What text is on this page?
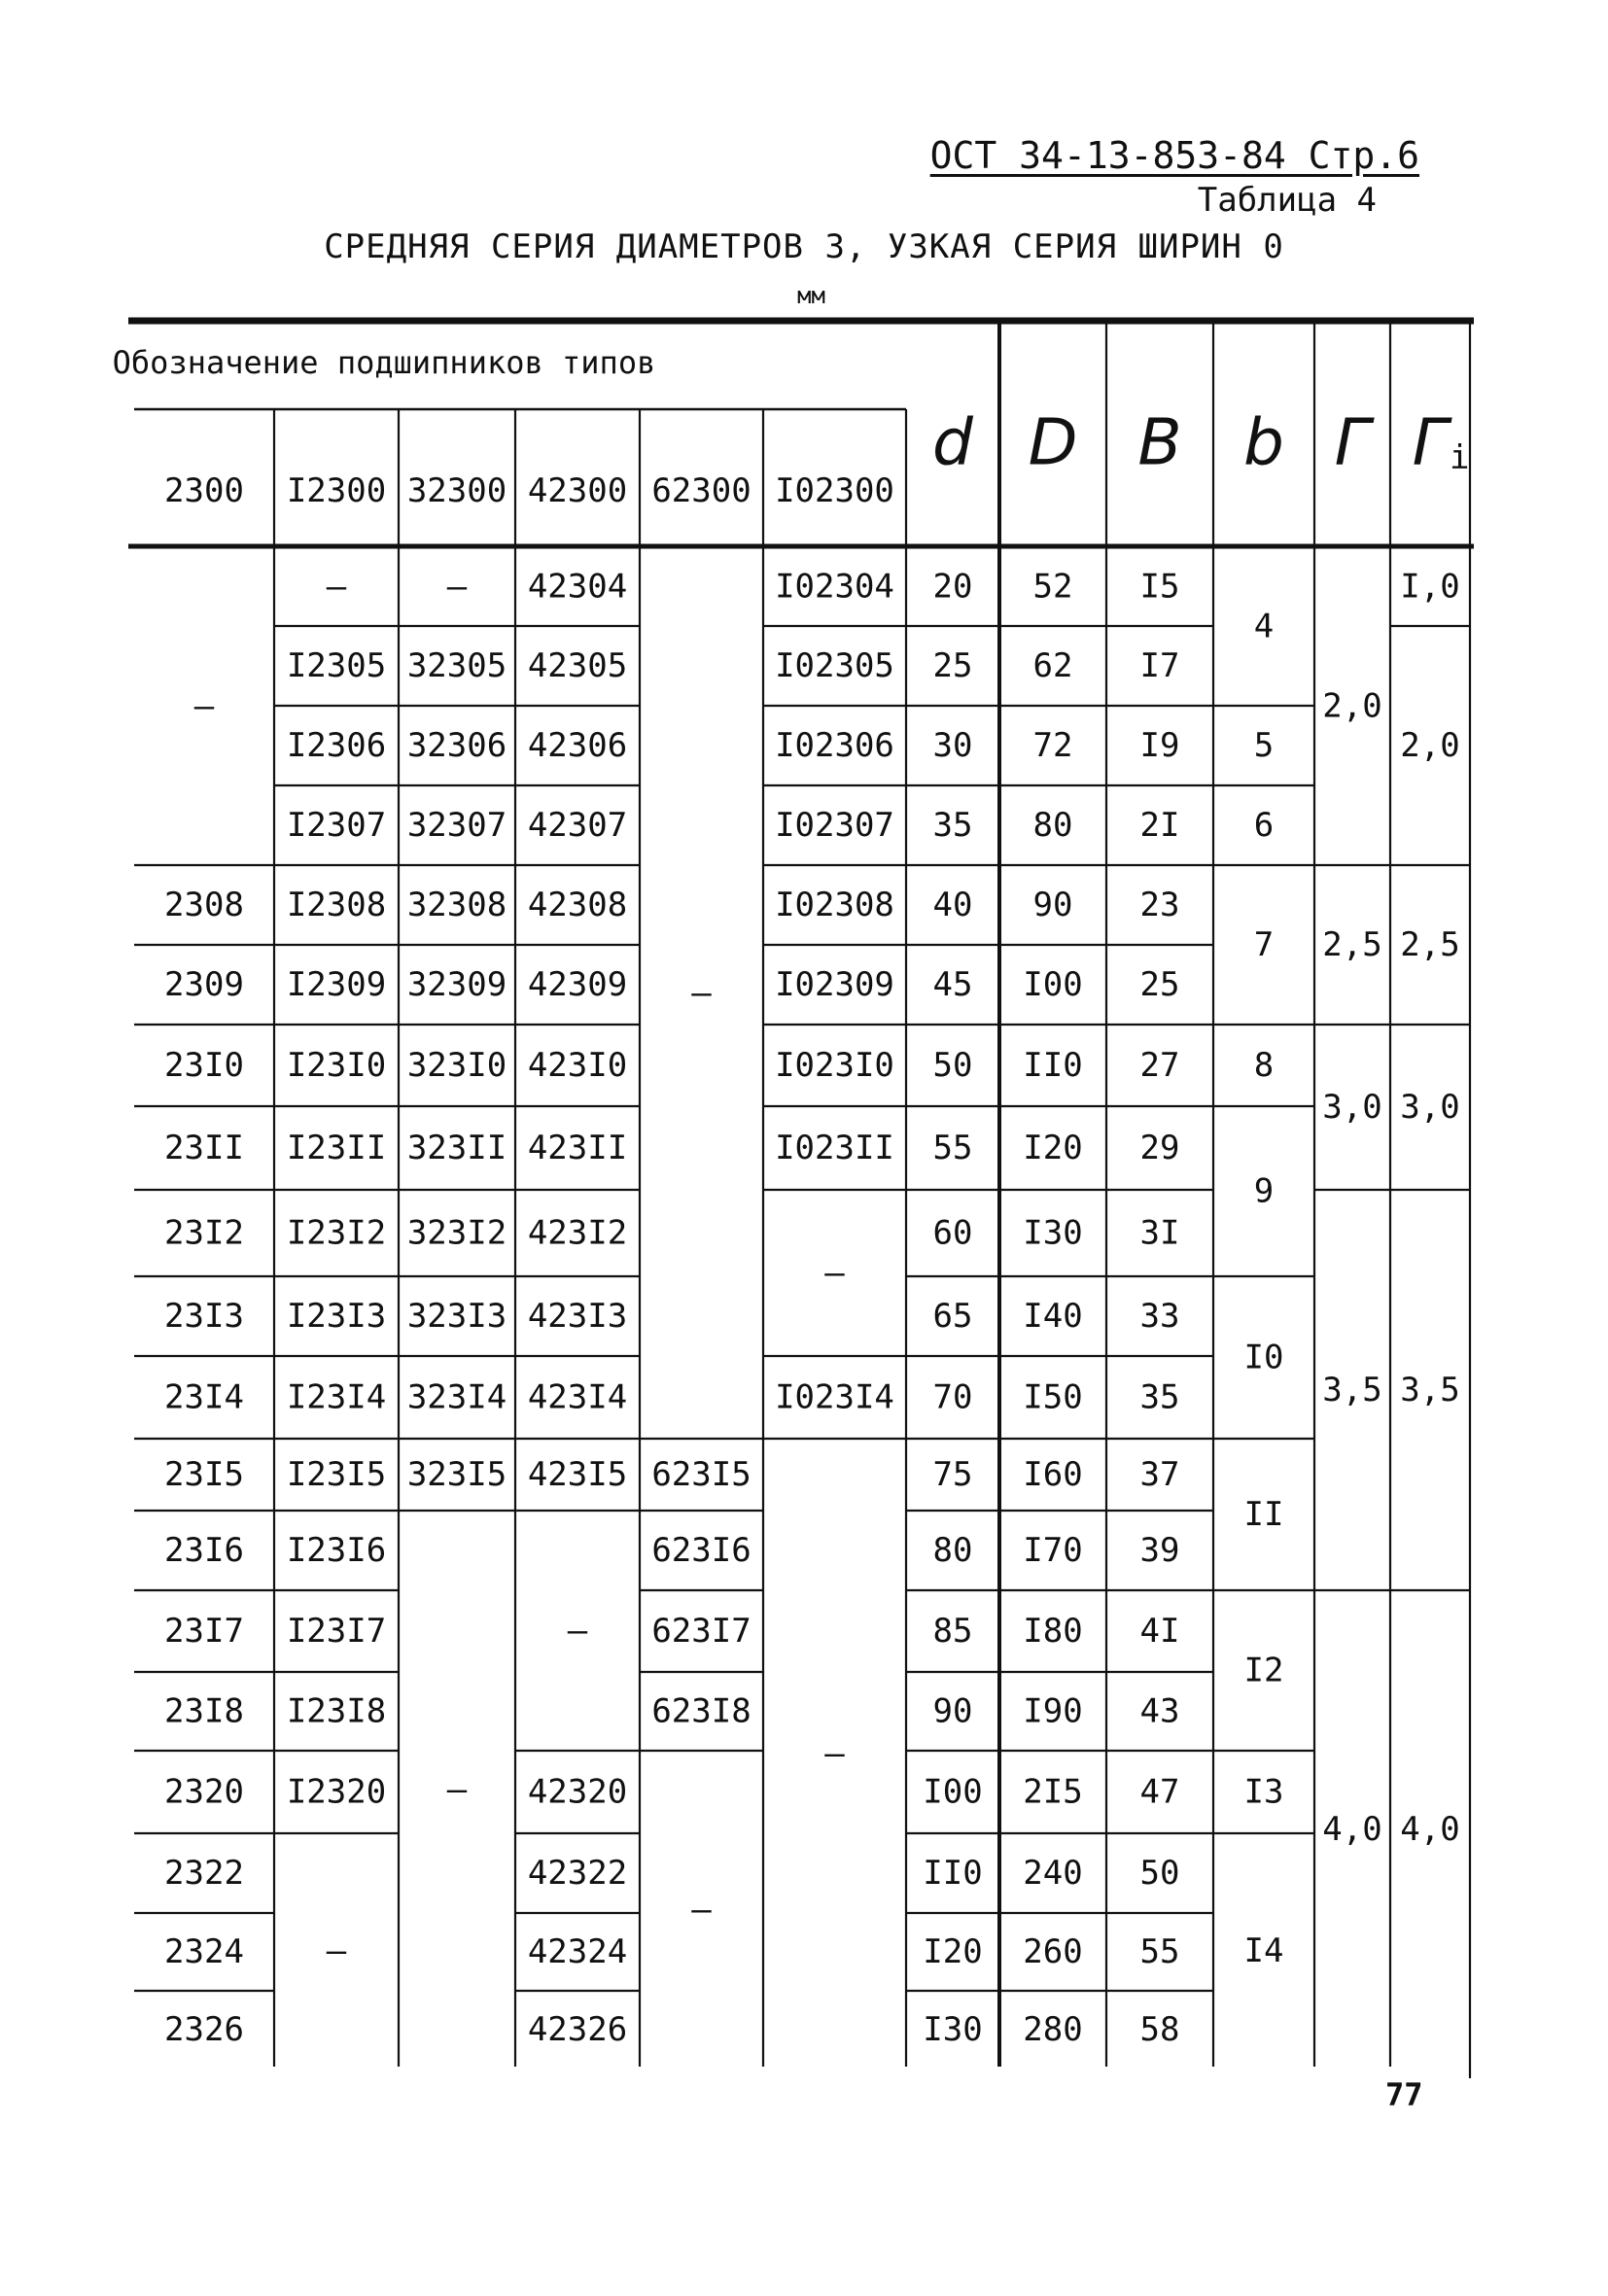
ОСТ 34-13-853-84 Стр.6
Таблица 4
СРЕДНЯЯ СЕРИЯ ДИАМЕТРОВ 3, УЗКАЯ СЕРИЯ ШИРИН 0
мм
Обозначение подшипников типов
2300 I2300 32300 42300 62300 I02300
d D B b Г Г i
20 52 I5
25 62 I7
30 72 I9
35 80 2I
40 90 23
45 I00 25
50 II0 27
55 I20 29
60 I30 3I
65 I40 33
70 I50 35
75 I60 37
80 I70 39
85 I80 4I
90 I90 43
I00 2I5 47
II0 240 50
I20 260 55
I30 280 58
—
2308
2309
23I0
23II
23I2
23I3
23I4
23I5
23I6
23I7
23I8
2320
2322
2324
2326
—
I2305
I2306
I2307
I2308
I2309
I23I0
I23II
I23I2
I23I3
I23I4
I23I5
I23I6
I23I7
I23I8
I2320
—
—
32305
32306
32307
32308
32309
323I0
323II
323I2
323I3
323I4
323I5
—
42304
42305
42306
42307
42308
42309
423I0
423II
423I2
423I3
423I4
423I5
—
42320
42322
42324
42326
—
623I5
623I6
623I7
623I8
—
I02304
I02305
I02306
I02307
I02308
I02309
I023I0
I023II
—
I023I4
—
4
5
6
7
8
9
I0
II
I2
I3
I4
2,0
2,5
3,0
3,5
4,0
I,0
2,0
2,5
3,0
3,5
4,0
77
